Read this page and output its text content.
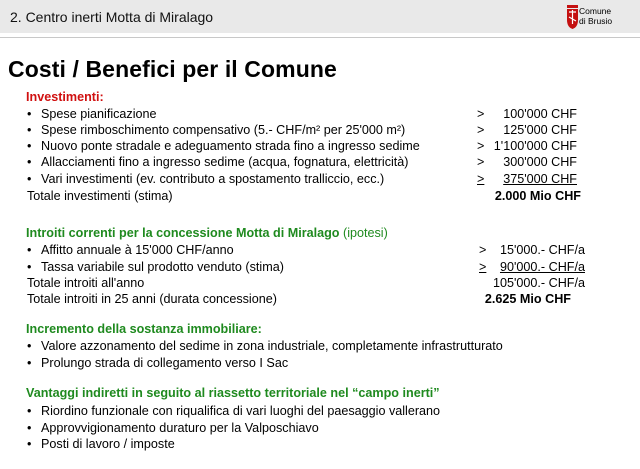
2. Centro inerti Motta di Miralago	Comune
di Brusio
Costi / Benefici per il Comune
Investimenti:
• Spese pianificazione	> 100'000 CHF
• Spese rimboschimento compensativo (5.- CHF/m² per 25'000 m²)	> 125'000 CHF
• Nuovo ponte stradale e adeguamento strada fino a ingresso sedime	> 1'100'000 CHF
• Allacciamenti fino a ingresso sedime (acqua, fognatura, elettricità)	> 300'000 CHF
• Vari investimenti (ev. contributo a spostamento tralliccio, ecc.)	> 375'000 CHF
Totale investimenti (stima)	2.000 Mio CHF
Introiti correnti per la concessione Motta di Miralago (ipotesi)
• Affitto annuale à 15'000 CHF/anno	> 15'000.- CHF/a
• Tassa variabile sul prodotto venduto (stima)	> 90'000.- CHF/a
Totale introiti all'anno	105'000.- CHF/a
Totale introiti in 25 anni (durata concessione)	2.625 Mio CHF
Incremento della sostanza immobiliare:
• Valore azzonamento del sedime in zona industriale, completamente infrastrutturato
• Prolungo strada di collegamento verso I Sac
Vantaggi indiretti in seguito al riassetto territoriale nel “campo inerti”
• Riordino funzionale con riqualifica di vari luoghi del paesaggio vallerano
• Approvvigionamento duraturo per la Valposchiavo
• Posti di lavoro / imposte
